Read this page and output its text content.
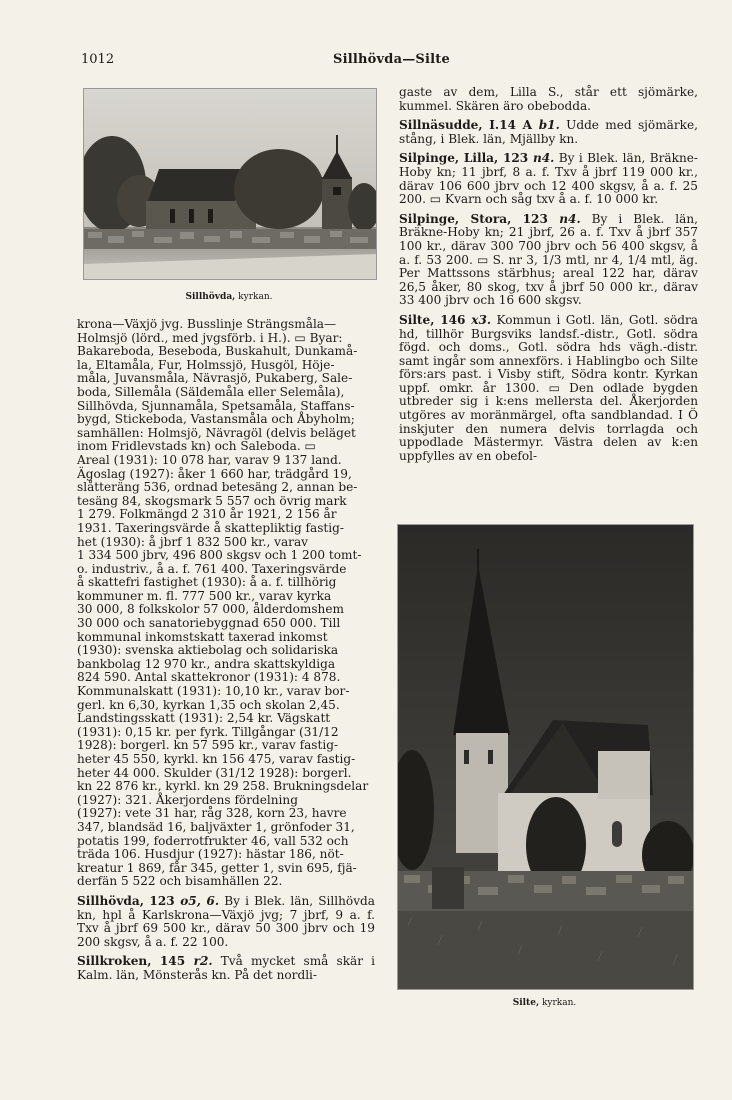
1012	Sillhövda—Silte
Sillhövda, kyrkan.
Silte, kyrkan.

krona—Växjö jvg. Busslinje Strängsmåla—
Holmsjö (lörd., med jvgsförb. i H.). ▭ Byar:
Bakareboda, Beseboda, Buskahult, Dunkamå-
la, Eltamåla, Fur, Holmssjö, Husgöl, Höje-
måla, Juvansmåla, Nävrasjö, Pukaberg, Sale-
boda, Sillemåla (Säldemåla eller Selemåla),
Sillhövda, Sjunnamåla, Spetsamåla, Staffans-
bygd, Stickeboda, Vastansmåla och Åbyholm;
samhällen: Holmsjö, Nävragöl (delvis beläget
inom Fridlevstads kn) och Saleboda. ▭
Areal (1931): 10 078 har, varav 9 137 land.
Ägoslag (1927): åker 1 660 har, trädgård 19,
slåtteräng 536, ordnad betesäng 2, annan be-
tesäng 84, skogsmark 5 557 och övrig mark
1 279. Folkmängd 2 310 år 1921, 2 156 år
1931. Taxeringsvärde å skattepliktig fastig-
het (1930): å jbrf 1 832 500 kr., varav
1 334 500 jbrv, 496 800 skgsv och 1 200 tomt-
o. industriv., å a. f. 761 400. Taxeringsvärde
å skattefri fastighet (1930): å a. f. tillhörig
kommuner m. fl. 777 500 kr., varav kyrka
30 000, 8 folkskolor 57 000, ålderdomshem
30 000 och sanatoriebyggnad 650 000. Till
kommunal inkomstskatt taxerad inkomst
(1930): svenska aktiebolag och solidariska
bankbolag 12 970 kr., andra skattskyldiga
824 590. Antal skattekronor (1931): 4 878.
Kommunalskatt (1931): 10,10 kr., varav bor-
gerl. kn 6,30, kyrkan 1,35 och skolan 2,45.
Landstingsskatt (1931): 2,54 kr. Vägskatt
(1931): 0,15 kr. per fyrk. Tillgångar (31/12
1928): borgerl. kn 57 595 kr., varav fastig-
heter 45 550, kyrkl. kn 156 475, varav fastig-
heter 44 000. Skulder (31/12 1928): borgerl.
kn 22 876 kr., kyrkl. kn 29 258. Brukningsdelar
(1927): 321. Åkerjordens fördelning
(1927): vete 31 har, råg 328, korn 23, havre
347, blandsäd 16, baljväxter 1, grönfoder 31,
potatis 199, foderrotfrukter 46, vall 532 och
träda 106. Husdjur (1927): hästar 186, nöt-
kreatur 1 869, får 345, getter 1, svin 695, fjä-
derfän 5 522 och bisamhällen 22.

Sillhövda, 123 o5, 6. By i Blek. län, Sillhövda kn, hpl å Karlskrona—Växjö jvg; 7 jbrf, 9 a. f. Txv å jbrf 69 500 kr., därav 50 300 jbrv och 19 200 skgsv, å a. f. 22 100.

Sillkroken, 145 r2. Två mycket små skär i Kalm. län, Mönsterås kn. På det nordli-

gaste av dem, Lilla S., står ett sjömärke, kummel. Skären äro obebodda.

Sillnäsudde, I.14 A b1. Udde med sjömärke, stång, i Blek. län, Mjällby kn.

Silpinge, Lilla, 123 n4. By i Blek. län, Bräkne-Hoby kn; 11 jbrf, 8 a. f. Txv å jbrf 119 000 kr., därav 106 600 jbrv och 12 400 skgsv, å a. f. 25 200. ▭ Kvarn och såg txv å a. f. 10 000 kr.

Silpinge, Stora, 123 n4. By i Blek. län, Bräkne-Hoby kn; 21 jbrf, 26 a. f. Txv å jbrf 357 100 kr., därav 300 700 jbrv och 56 400 skgsv, å a. f. 53 200. ▭ S. nr 3, 1/3 mtl, nr 4, 1/4 mtl, äg. Per Mattssons stärbhus; areal 122 har, därav 26,5 åker, 80 skog, txv å jbrf 50 000 kr., därav 33 400 jbrv och 16 600 skgsv.

Silte, 146 x3. Kommun i Gotl. län, Gotl. södra hd, tillhör Burgsviks landsf.-distr., Gotl. södra fögd. och doms., Gotl. södra hds vägh.-distr. samt ingår som annexförs. i Hablingbo och Silte förs:ars past. i Visby stift, Södra kontr. Kyrkan uppf. omkr. år 1300. ▭ Den odlade bygden utbreder sig i k:ens mellersta del. Åkerjorden utgöres av moränmärgel, ofta sandblandad. I Ö inskjuter den numera delvis torrlagda och uppodlade Mästermyr. Västra delen av k:en uppfylles av en obefol-
